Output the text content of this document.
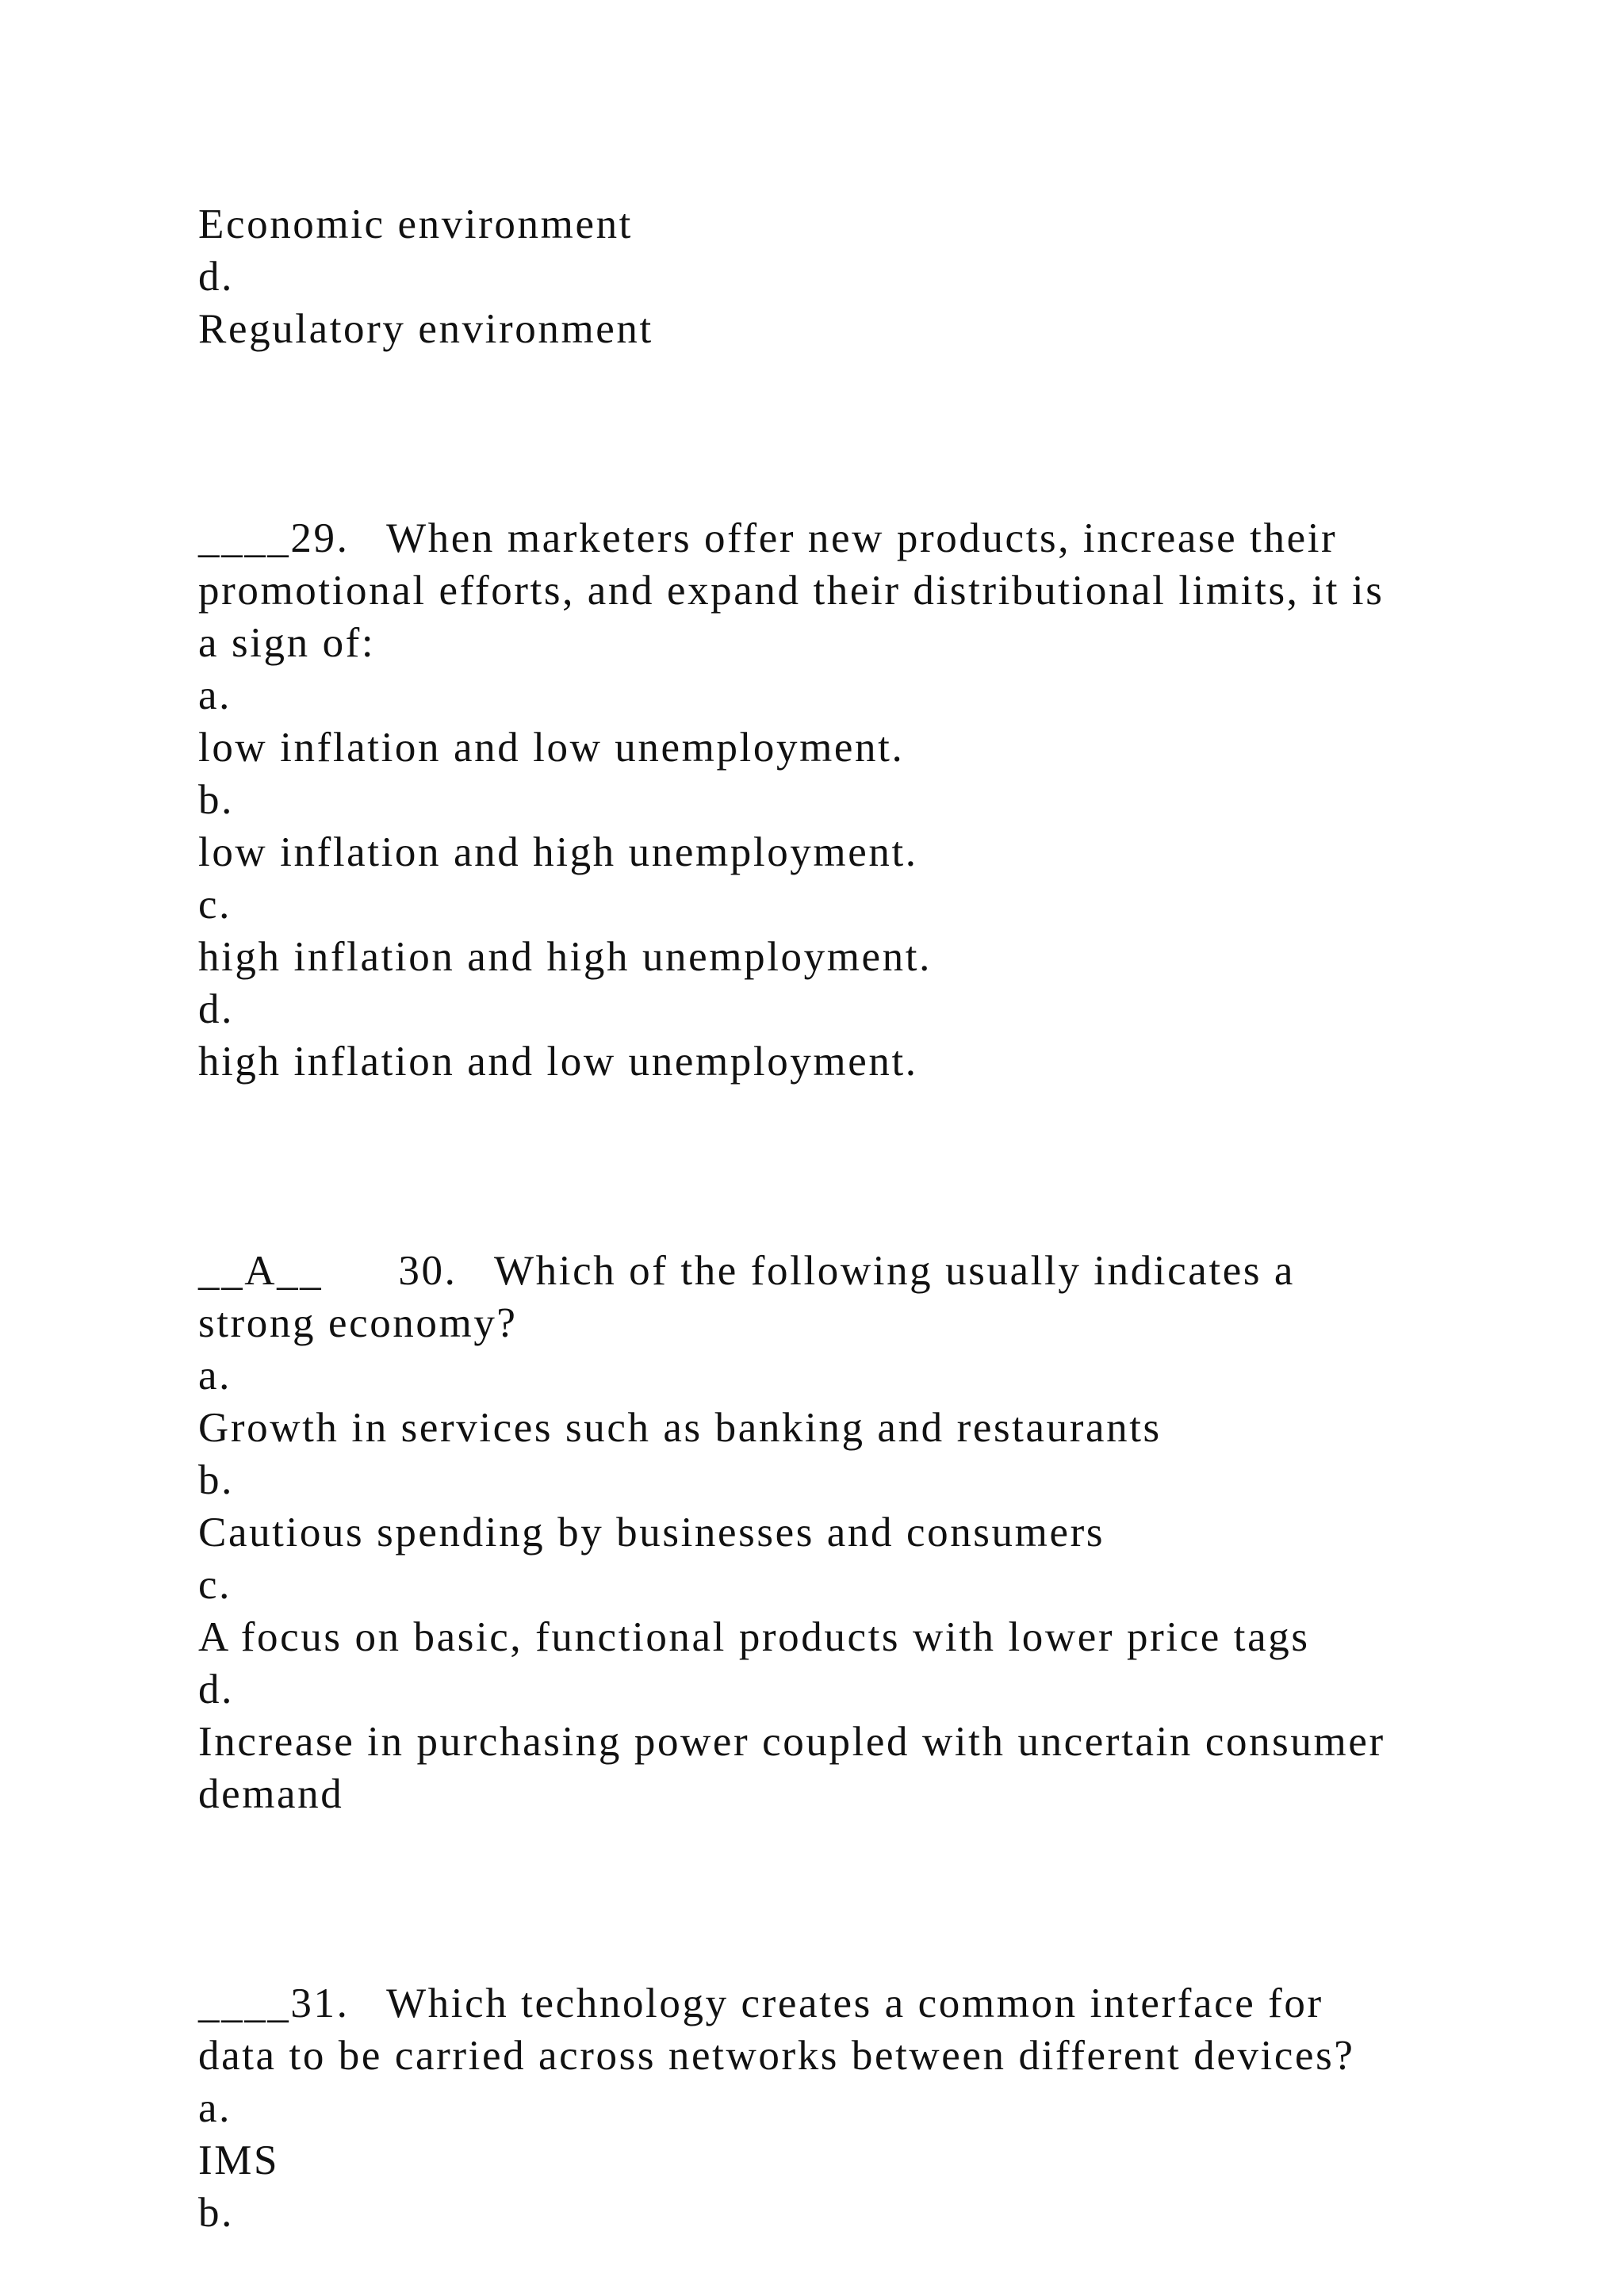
Economic environment
d.
Regulatory environment
____29. When marketers offer new products, increase their
promotional efforts, and expand their distributional limits, it is
a sign of:
a.
low inflation and low unemployment.
b.
low inflation and high unemployment.
c.
high inflation and high unemployment.
d.
high inflation and low unemployment.
__A__ 30. Which of the following usually indicates a
strong economy?
a.
Growth in services such as banking and restaurants
b.
Cautious spending by businesses and consumers
c.
A focus on basic, functional products with lower price tags
d.
Increase in purchasing power coupled with uncertain consumer
demand
____31. Which technology creates a common interface for
data to be carried across networks between different devices?
a.
IMS
b.
